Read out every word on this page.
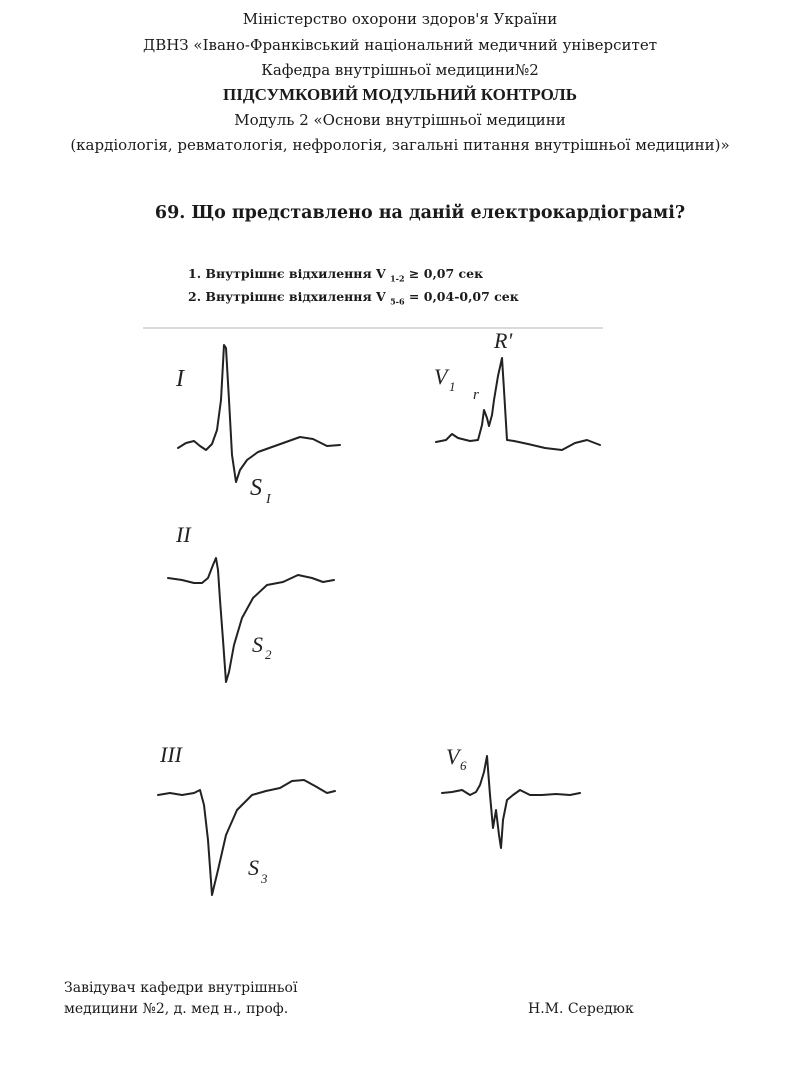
Міністерство охорони здоров'я України
ДВНЗ «Івано-Франківський національний медичний університет
Кафедра внутрішньої медицини№2
ПІДСУМКОВИЙ МОДУЛЬНИЙ КОНТРОЛЬ
Модуль 2 «Основи внутрішньої медицини
(кардіологія, ревматологія, нефрологія, загальні питання внутрішньої медицини)»
69. Що представлено на даній електрокардіограмі?
1. Внутрішнє відхилення V $_{1-2}$ ≥ 0,07 сек
2. Внутрішнє відхилення V $_{5-6}$ = 0,04-0,07 сек
I
S I
V 1
R'
r
II
S 2
III
S 3
V 6
Завідувач кафедри внутрішньої
медицини №2, д. мед н., проф.	Н.М. Середюк
